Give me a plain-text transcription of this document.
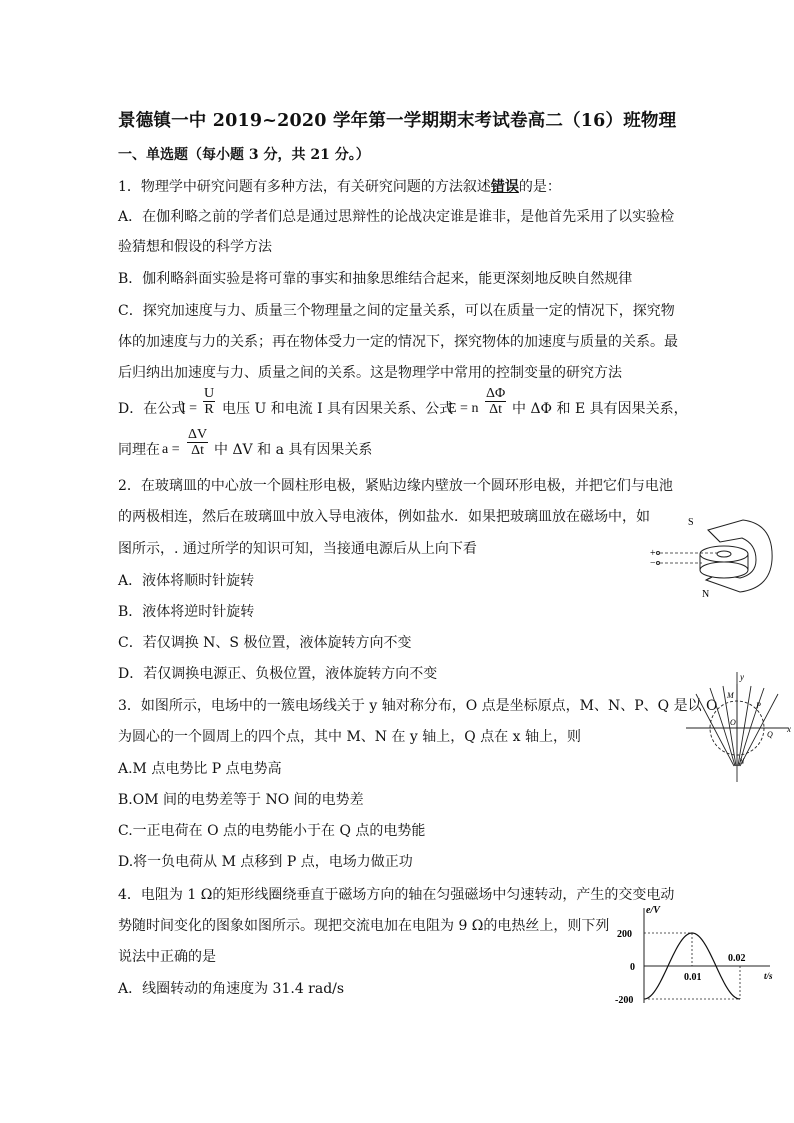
景德镇一中 2019~2020 学年第一学期期末考试卷高二（16）班物理
一、单选题（每小题 3 分，共 21 分。）
1．物理学中研究问题有多种方法，有关研究问题的方法叙述错误的是：
A．在伽利略之前的学者们总是通过思辩性的论战决定谁是谁非，是他首先采用了以实验检
验猜想和假设的科学方法
B．伽利略斜面实验是将可靠的事实和抽象思维结合起来，能更深刻地反映自然规律
C．探究加速度与力、质量三个物理量之间的定量关系，可以在质量一定的情况下，探究物
体的加速度与力的关系；再在物体受力一定的情况下，探究物体的加速度与质量的关系。最
后归纳出加速度与力、质量之间的关系。这是物理学中常用的控制变量的研究方法
D．在公式
$I = \frac{U}{R}$ 电压 U 和电流 I 具有因果关系、公式
E = n $\frac{\Delta\Phi}{\Delta t}$ 中 ΔΦ 和 E 具有因果关系，
同理在 $a = \frac{\Delta V}{\Delta t}$ 中 ΔV 和 a 具有因果关系
2．在玻璃皿的中心放一个圆柱形电极，紧贴边缘内壁放一个圆环形电极，并把它们与电池
的两极相连，然后在玻璃皿中放入导电液体，例如盐水．如果把玻璃皿放在磁场中，如
图所示，. 通过所学的知识可知，当接通电源后从上向下看
A．液体将顺时针旋转
B．液体将逆时针旋转
C．若仅调换 N、S 极位置，液体旋转方向不变
D．若仅调换电源正、负极位置，液体旋转方向不变
S
N
+
−
3．如图所示，电场中的一簇电场线关于 y 轴对称分布，O 点是坐标原点，M、N、P、Q 是以 O
为圆心的一个圆周上的四个点，其中 M、N 在 y 轴上，Q 点在 x 轴上，则
A.M 点电势比 P 点电势高
B.OM 间的电势差等于 NO 间的电势差
C.一正电荷在 O 点的电势能小于在 Q 点的电势能
D.将一负电荷从 M 点移到 P 点，电场力做正功
y
x
M
P
O
Q
N
4．电阻为 1 Ω的矩形线圈绕垂直于磁场方向的轴在匀强磁场中匀速转动，产生的交变电动
势随时间变化的图象如图所示。现把交流电加在电阻为 9 Ω的电热丝上，则下列
说法中正确的是
A．线圈转动的角速度为 31.4 rad/s
e/V
t/s
200
0
-200
0.01
0.02
